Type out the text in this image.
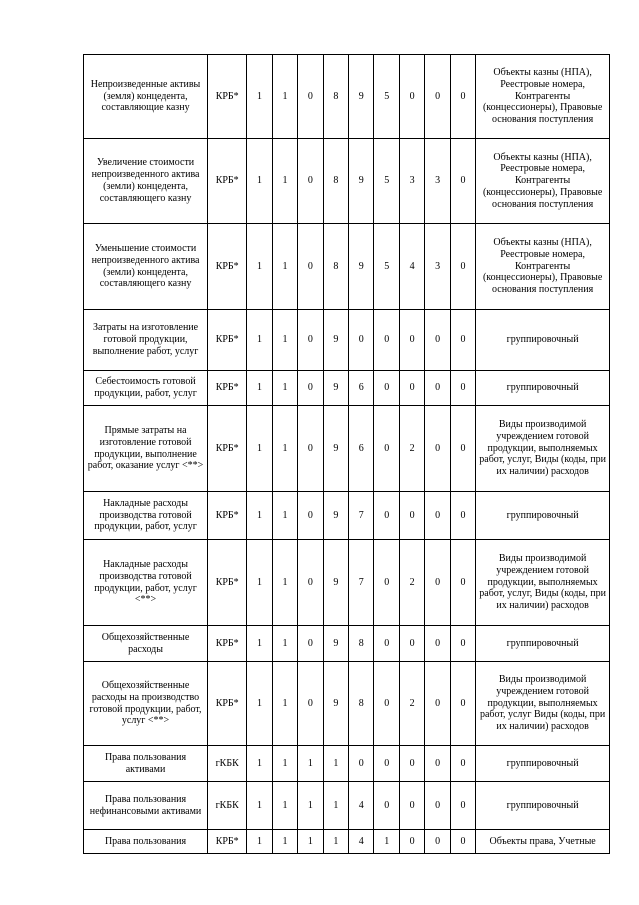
Непроизведенные активы (земля) концедента, составляющие казну	КРБ*	1	1	0	8	9	5	0	0	0	Объекты казны (НПА), Реестровые номера, Контрагенты (концессионеры), Правовые основания поступления
Увеличение стоимости непроизведенного актива (земли) концедента, составляющего казну	КРБ*	1	1	0	8	9	5	3	3	0	Объекты казны (НПА), Реестровые номера, Контрагенты (концессионеры), Правовые основания поступления
Уменьшение стоимости непроизведенного актива (земли) концедента, составляющего казну	КРБ*	1	1	0	8	9	5	4	3	0	Объекты казны (НПА), Реестровые номера, Контрагенты (концессионеры), Правовые основания поступления
Затраты на изготовление готовой продукции, выполнение работ, услуг	КРБ*	1	1	0	9	0	0	0	0	0	группировочный
Себестоимость готовой продукции, работ, услуг	КРБ*	1	1	0	9	6	0	0	0	0	группировочный
Прямые затраты на изготовление готовой продукции, выполнение работ, оказание услуг <**>	КРБ*	1	1	0	9	6	0	2	0	0	Виды производимой учреждением готовой продукции, выполняемых работ, услуг, Виды (коды, при их наличии) расходов
Накладные расходы производства готовой продукции, работ, услуг	КРБ*	1	1	0	9	7	0	0	0	0	группировочный
Накладные расходы производства готовой продукции, работ, услуг <**>	КРБ*	1	1	0	9	7	0	2	0	0	Виды производимой учреждением готовой продукции, выполняемых работ, услуг, Виды (коды, при их наличии) расходов
Общехозяйственные расходы	КРБ*	1	1	0	9	8	0	0	0	0	группировочный
Общехозяйственные расходы на производство готовой продукции, работ, услуг <**>	КРБ*	1	1	0	9	8	0	2	0	0	Виды производимой учреждением готовой продукции, выполняемых работ, услуг Виды (коды, при их наличии) расходов
Права пользования активами	гКБК	1	1	1	1	0	0	0	0	0	группировочный
Права пользования нефинансовыми активами	гКБК	1	1	1	1	4	0	0	0	0	группировочный
Права пользования	КРБ*	1	1	1	1	4	1	0	0	0	Объекты права, Учетные
